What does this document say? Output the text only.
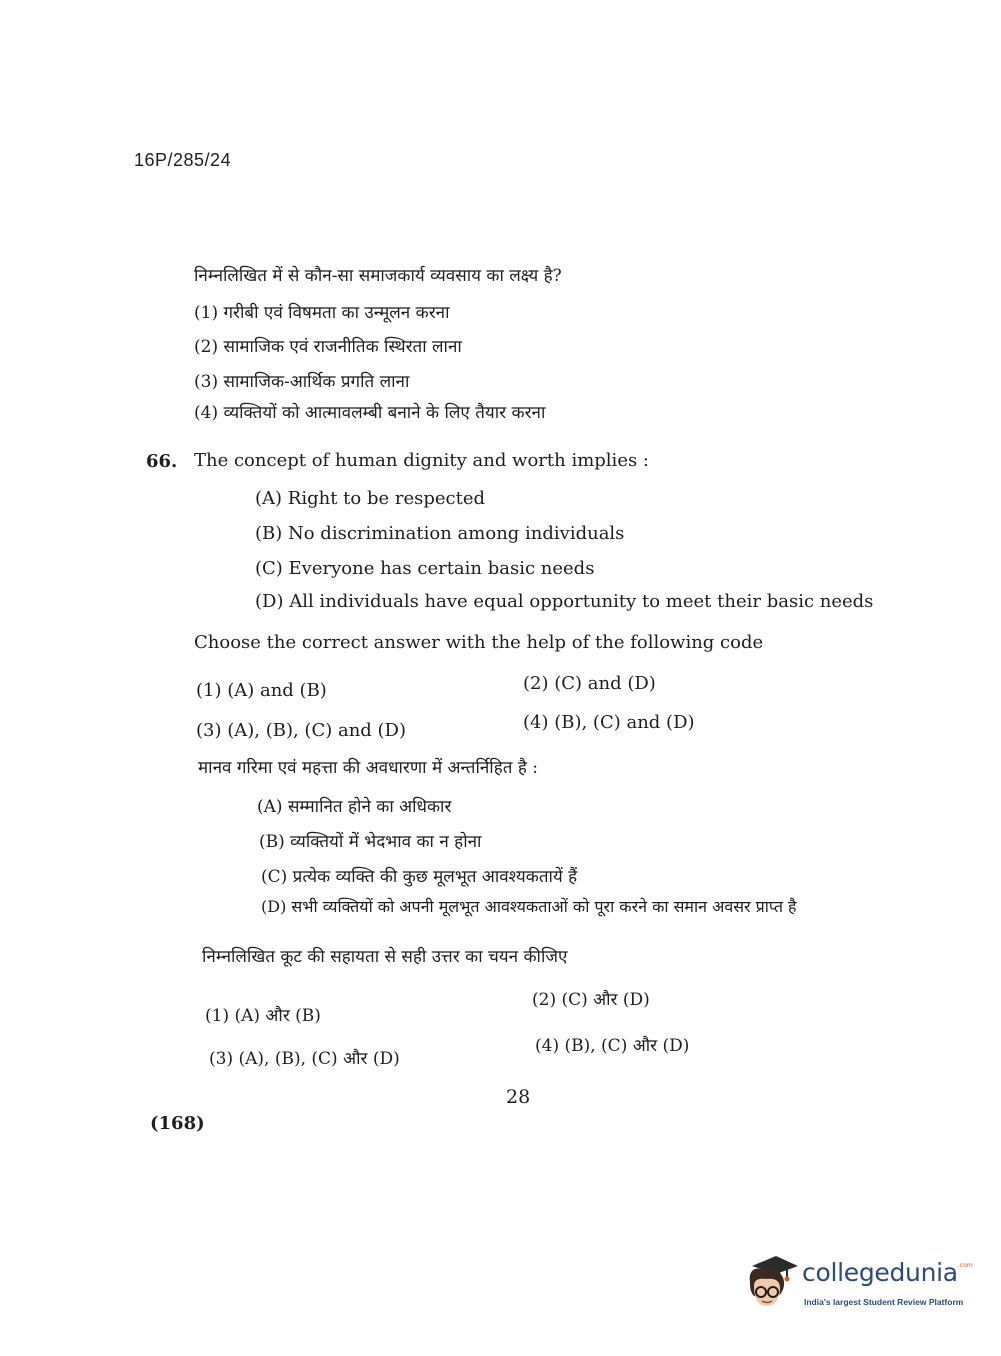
16P/285/24
निम्नलिखित में से कौन-सा समाजकार्य व्यवसाय का लक्ष्य है?
(1) गरीबी एवं विषमता का उन्मूलन करना
(2) सामाजिक एवं राजनीतिक स्थिरता लाना
(3) सामाजिक-आर्थिक प्रगति लाना
(4) व्यक्तियों को आत्मावलम्बी बनाने के लिए तैयार करना
66. The concept of human dignity and worth implies :
(A) Right to be respected
(B) No discrimination among individuals
(C) Everyone has certain basic needs
(D) All individuals have equal opportunity to meet their basic needs
Choose the correct answer with the help of the following code
(1) (A) and (B)	(2) (C) and (D)
(3) (A), (B), (C) and (D)	(4) (B), (C) and (D)
मानव गरिमा एवं महत्ता की अवधारणा में अन्तर्निहित है :
(A) सम्मानित होने का अधिकार
(B) व्यक्तियों में भेदभाव का न होना
(C) प्रत्येक व्यक्ति की कुछ मूलभूत आवश्यकतायें हैं
(D) सभी व्यक्तियों को अपनी मूलभूत आवश्यकताओं को पूरा करने का समान अवसर प्राप्त है
निम्नलिखित कूट की सहायता से सही उत्तर का चयन कीजिए
(1) (A) और (B)
(2) (C) और (D)
(3) (A), (B), (C) और (D)
(4) (B), (C) और (D)
28
(168)
collegedunia .com
India's largest Student Review Platform
